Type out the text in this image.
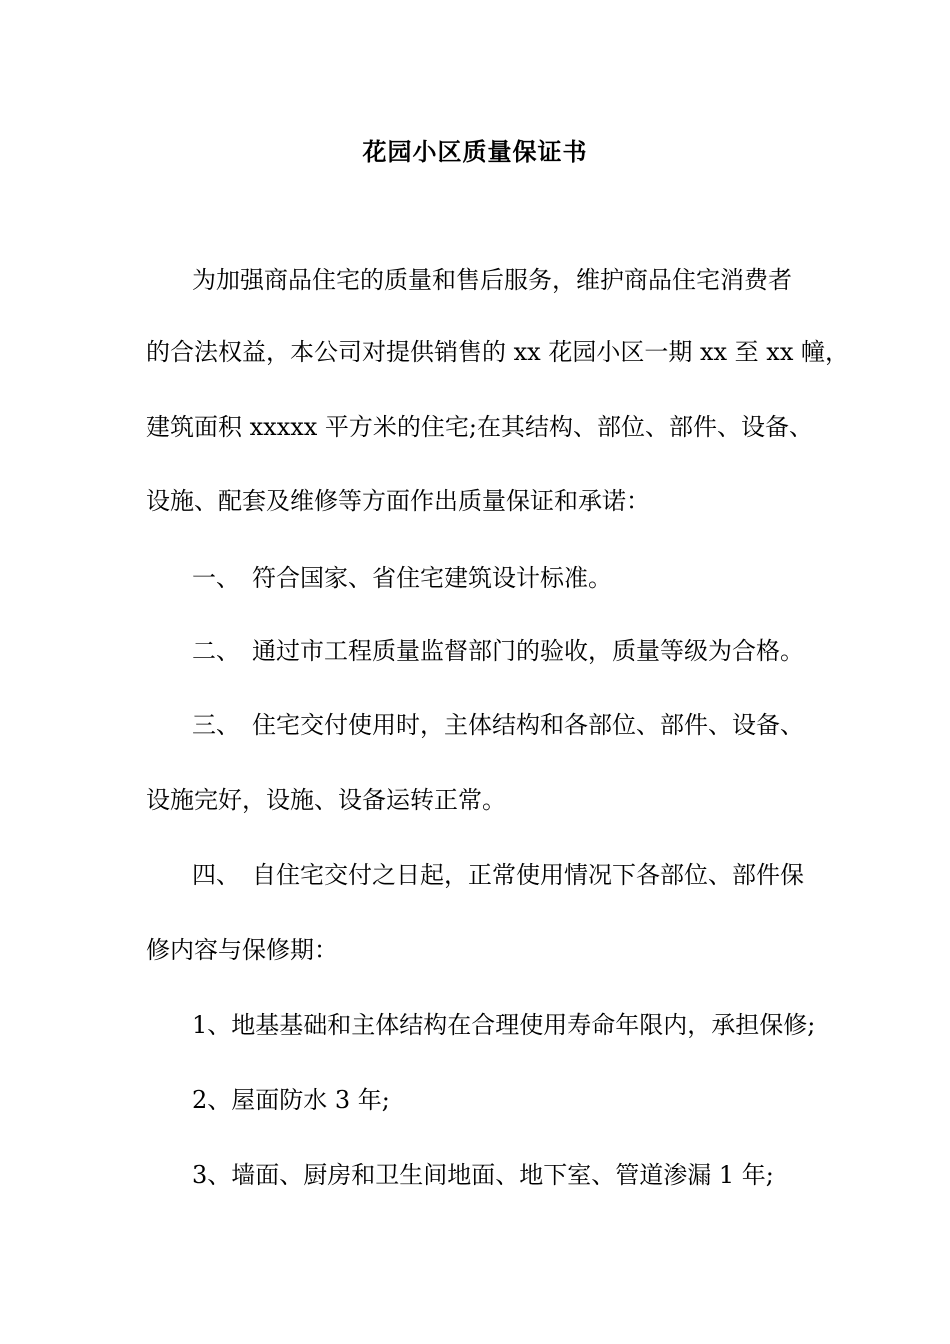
花园小区质量保证书
为加强商品住宅的质量和售后服务，维护商品住宅消费者
的合法权益，本公司对提供销售的 xx 花园小区一期 xx 至 xx 幢，
建筑面积 xxxxx 平方米的住宅;在其结构、部位、部件、设备、
设施、配套及维修等方面作出质量保证和承诺：
一、 符合国家、省住宅建筑设计标准。
二、 通过市工程质量监督部门的验收，质量等级为合格。
三、 住宅交付使用时，主体结构和各部位、部件、设备、
设施完好，设施、设备运转正常。
四、 自住宅交付之日起，正常使用情况下各部位、部件保
修内容与保修期：
1、地基基础和主体结构在合理使用寿命年限内，承担保修;
2、屋面防水 3 年;
3、墙面、厨房和卫生间地面、地下室、管道渗漏 1 年;
